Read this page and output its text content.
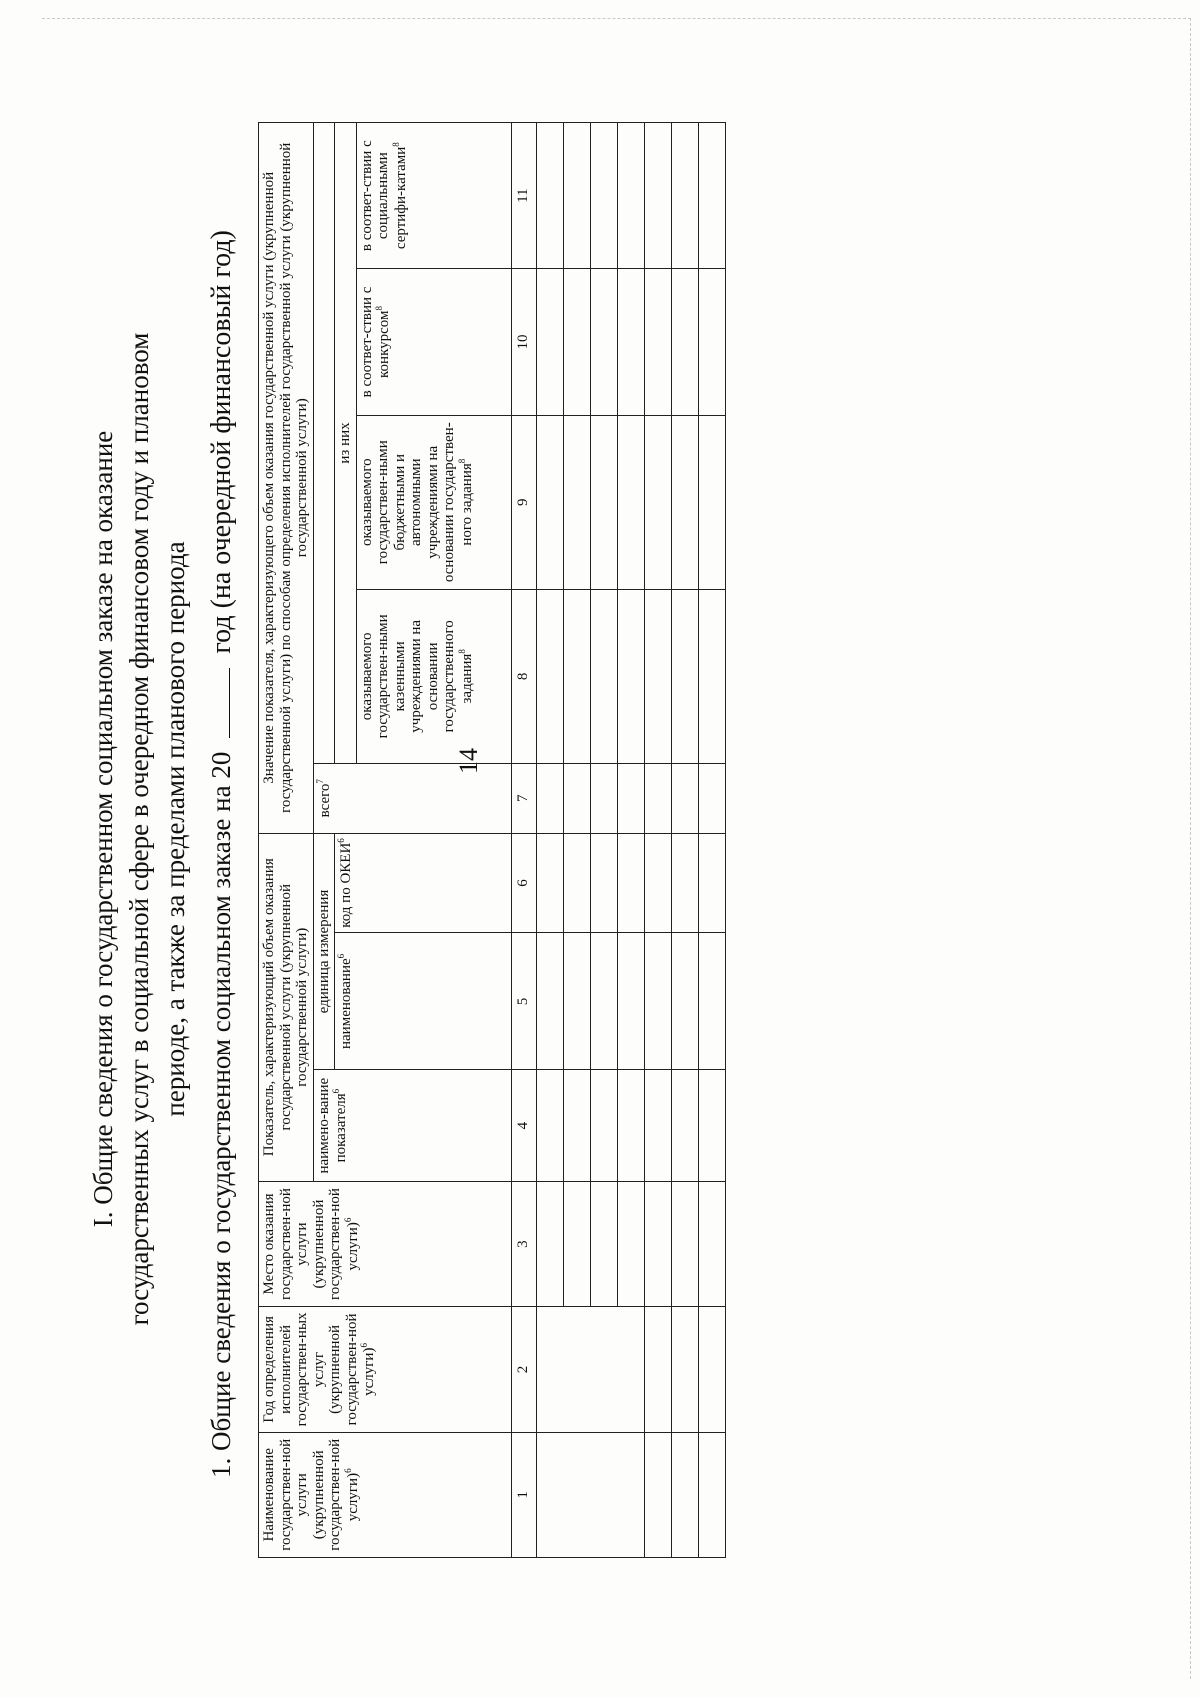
14
I. Общие сведения о государственном социальном заказе на оказание государственных услуг в социальной сфере в очередном финансовом году и плановом периоде, а также за пределами планового периода 1. Общие сведения о государственном социальном заказе на 20год (на очередной финансовый год)
Наименование государствен-ной услуги (укрупненной государствен-ной услуги)$^6$	Год определения исполнителей государствен-ных услуг (укрупненной государствен-ной услуги)$^6$	Место оказания государствен-ной услуги (укрупненной государствен-ной услуги)$^6$	Показатель, характеризующий объем оказания государственной услуги (укрупненной государственной услуги)			Значение показателя, характеризующего объем оказания государственной услуги (укрупненной государственной услуги) по способам определения исполнителей государственной услуги (укрупненной государственной услуги)				
			наимено-вание показателя$^6$	единица измерения		всего$^7$	
				наименование$^6$	код по ОКЕИ$^6$		из них			
							оказываемого государствен-ными казенными учреждениями на основании государственного задания$^8$	оказываемого государствен-ными бюджетными и автономными учреждениями на основании государствен-ного задания$^8$	в соответ-ствии с конкурсом$^8$	в соответ-ствии с социальными сертифи-катами$^8$
1	2	3	4	5	6	7	8	9	10	11
